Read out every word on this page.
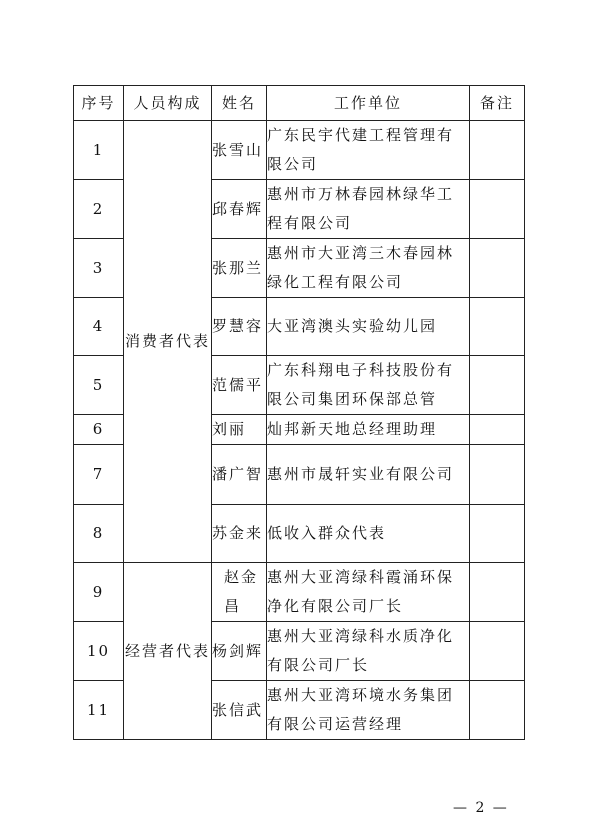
序号	人员构成	姓名	工作单位	备注
1	消费者代表	张雪山	广东民宇代建工程管理有限公司	
2		邱春辉	惠州市万林春园林绿华工程有限公司	
3		张那兰	惠州市大亚湾三木春园林绿化工程有限公司	
4		罗慧容	大亚湾澳头实验幼儿园	
5		范儒平	广东科翔电子科技股份有限公司集团环保部总管	
6		刘丽	灿邦新天地总经理助理	
7		潘广智	惠州市晟轩实业有限公司	
8		苏金来	低收入群众代表	
9	经营者代表	赵金昌	惠州大亚湾绿科霞涌环保净化有限公司厂长	
10		杨剑辉	惠州大亚湾绿科水质净化有限公司厂长	
11		张信武	惠州大亚湾环境水务集团有限公司运营经理	
— 2 —
